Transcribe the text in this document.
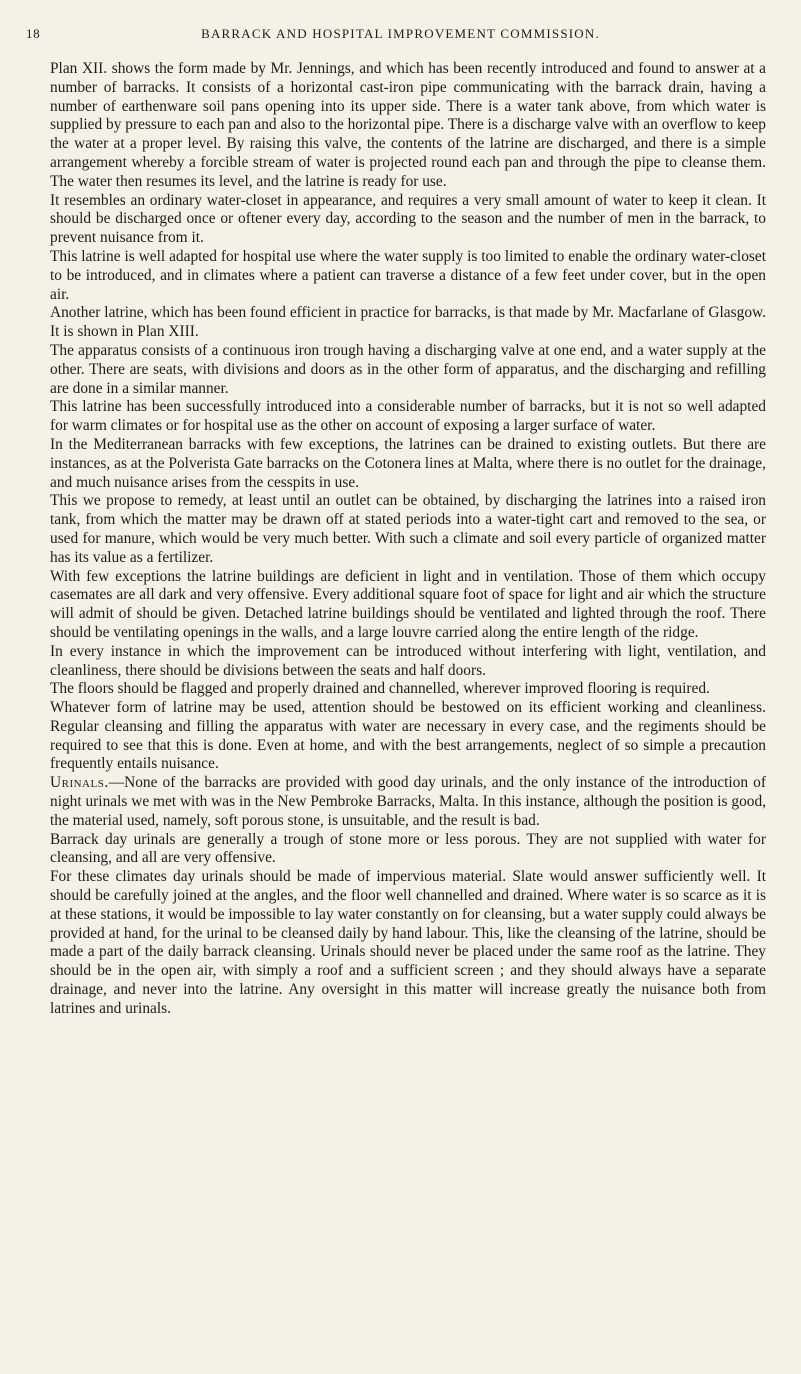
18	BARRACK AND HOSPITAL IMPROVEMENT COMMISSION.

Plan XII. shows the form made by Mr. Jennings, and which has been recently introduced and found to answer at a number of barracks. It consists of a horizontal cast-iron pipe communicating with the barrack drain, having a number of earthenware soil pans opening into its upper side. There is a water tank above, from which water is supplied by pressure to each pan and also to the horizontal pipe. There is a discharge valve with an overflow to keep the water at a proper level. By raising this valve, the contents of the latrine are discharged, and there is a simple arrangement whereby a forcible stream of water is projected round each pan and through the pipe to cleanse them. The water then resumes its level, and the latrine is ready for use.

It resembles an ordinary water-closet in appearance, and requires a very small amount of water to keep it clean. It should be discharged once or oftener every day, according to the season and the number of men in the barrack, to prevent nuisance from it.

This latrine is well adapted for hospital use where the water supply is too limited to enable the ordinary water-closet to be introduced, and in climates where a patient can traverse a distance of a few feet under cover, but in the open air.

Another latrine, which has been found efficient in practice for barracks, is that made by Mr. Macfarlane of Glasgow. It is shown in Plan XIII.

The apparatus consists of a continuous iron trough having a discharging valve at one end, and a water supply at the other. There are seats, with divisions and doors as in the other form of apparatus, and the discharging and refilling are done in a similar manner.

This latrine has been successfully introduced into a considerable number of barracks, but it is not so well adapted for warm climates or for hospital use as the other on account of exposing a larger surface of water.

In the Mediterranean barracks with few exceptions, the latrines can be drained to existing outlets. But there are instances, as at the Polverista Gate barracks on the Cotonera lines at Malta, where there is no outlet for the drainage, and much nuisance arises from the cesspits in use.

This we propose to remedy, at least until an outlet can be obtained, by discharging the latrines into a raised iron tank, from which the matter may be drawn off at stated periods into a water-tight cart and removed to the sea, or used for manure, which would be very much better. With such a climate and soil every particle of organized matter has its value as a fertilizer.

With few exceptions the latrine buildings are deficient in light and in ventilation. Those of them which occupy casemates are all dark and very offensive. Every additional square foot of space for light and air which the structure will admit of should be given. Detached latrine buildings should be ventilated and lighted through the roof. There should be ventilating openings in the walls, and a large louvre carried along the entire length of the ridge.

In every instance in which the improvement can be introduced without interfering with light, ventilation, and cleanliness, there should be divisions between the seats and half doors.

The floors should be flagged and properly drained and channelled, wherever improved flooring is required.

Whatever form of latrine may be used, attention should be bestowed on its efficient working and cleanliness. Regular cleansing and filling the apparatus with water are necessary in every case, and the regiments should be required to see that this is done. Even at home, and with the best arrangements, neglect of so simple a precaution frequently entails nuisance.

Urinals.—None of the barracks are provided with good day urinals, and the only instance of the introduction of night urinals we met with was in the New Pembroke Barracks, Malta. In this instance, although the position is good, the material used, namely, soft porous stone, is unsuitable, and the result is bad.

Barrack day urinals are generally a trough of stone more or less porous. They are not supplied with water for cleansing, and all are very offensive.

For these climates day urinals should be made of impervious material. Slate would answer sufficiently well. It should be carefully joined at the angles, and the floor well channelled and drained. Where water is so scarce as it is at these stations, it would be impossible to lay water constantly on for cleansing, but a water supply could always be provided at hand, for the urinal to be cleansed daily by hand labour. This, like the cleansing of the latrine, should be made a part of the daily barrack cleansing. Urinals should never be placed under the same roof as the latrine. They should be in the open air, with simply a roof and a sufficient screen ; and they should always have a separate drainage, and never into the latrine. Any oversight in this matter will increase greatly the nuisance both from latrines and urinals.
